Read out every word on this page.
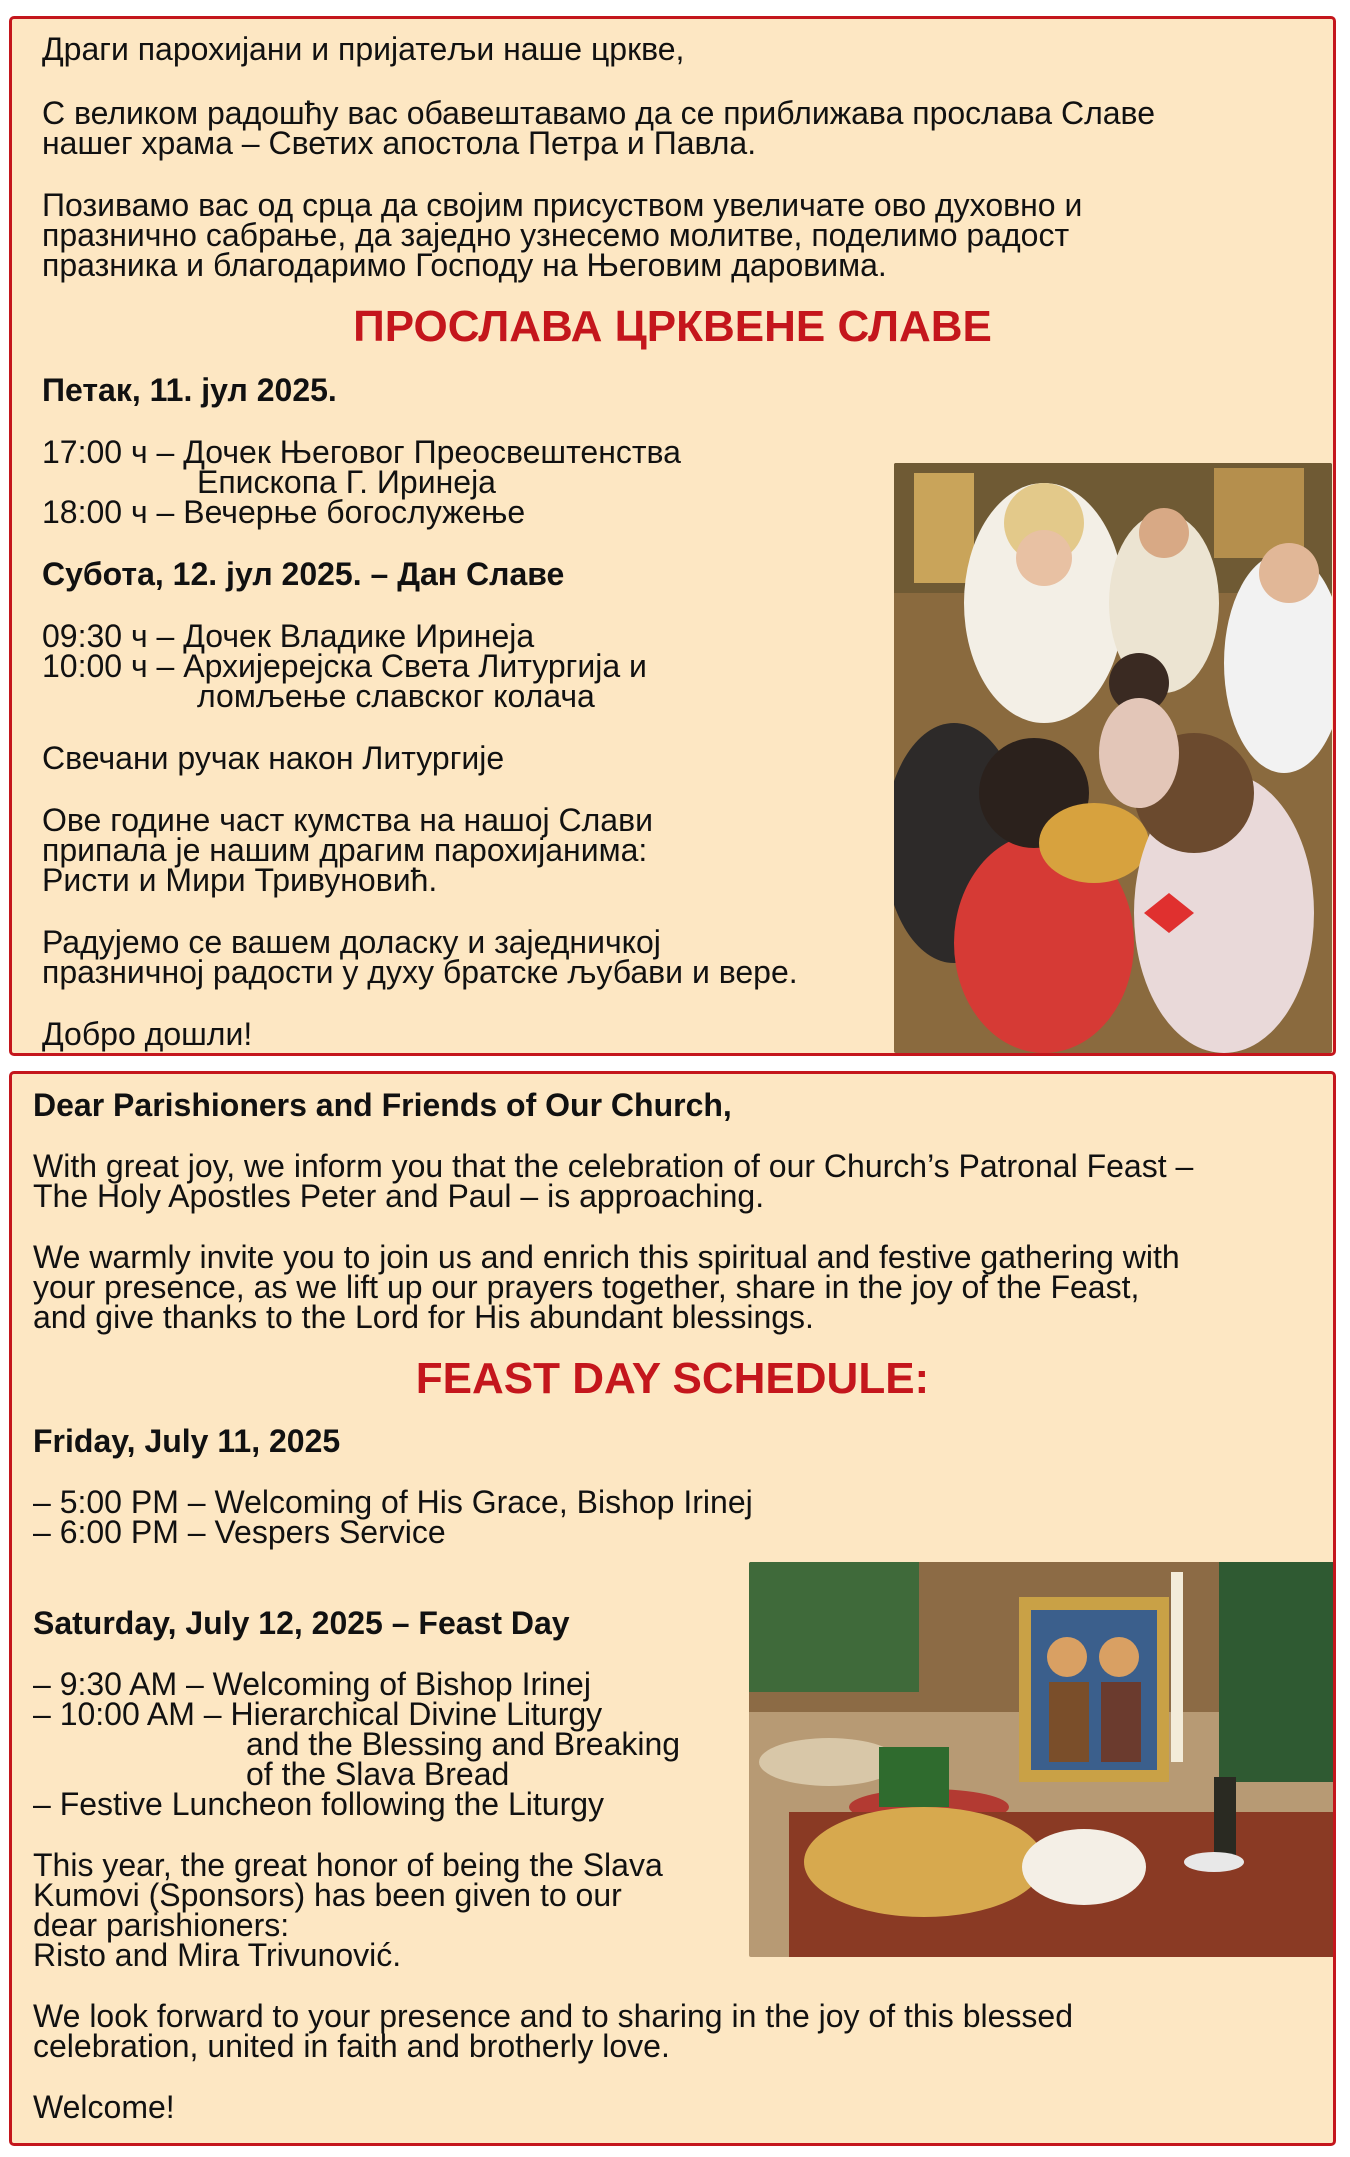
Драги парохијани и пријатељи наше цркве,

С великом радошћу вас обавештавамо да се приближава прослава Славе

нашег храма – Светих апостола Петра и Павла.

Позивамо вас од срца да својим присуством увеличате ово духовно и

празнично сабрање, да заједно узнесемо молитве, поделимо радост

празника и благодаримо Господу на Његовим даровима.

ПРОСЛАВА ЦРКВЕНЕ СЛАВЕ

Петак, 11. јул 2025.

17:00 ч – Дочек Његовог Преосвештенства

Епископа Г. Иринеја

18:00 ч – Вечерње богослужење

Субота, 12. јул 2025. – Дан Славе

09:30 ч – Дочек Владике Иринеја

10:00 ч – Архијерејска Света Литургија и

ломљење славског колача

Свечани ручак након Литургије

Ове године част кумства на нашој Слави

припала је нашим драгим парохијанима:

Ристи и Мири Тривуновић.

Радујемо се вашем доласку и заједничкој

празничној радости у духу братске љубави и вере.

Добро дошли!

Dear Parishioners and Friends of Our Church,

With great joy, we inform you that the celebration of our Church’s Patronal Feast –

The Holy Apostles Peter and Paul – is approaching.

We warmly invite you to join us and enrich this spiritual and festive gathering with

your presence, as we lift up our prayers together, share in the joy of the Feast,

and give thanks to the Lord for His abundant blessings.

FEAST DAY SCHEDULE:

Friday, July 11, 2025

– 5:00 PM – Welcoming of His Grace, Bishop Irinej

– 6:00 PM – Vespers Service

Saturday, July 12, 2025 – Feast Day

– 9:30 AM – Welcoming of Bishop Irinej

– 10:00 AM – Hierarchical Divine Liturgy

and the Blessing and Breaking

of the Slava Bread

– Festive Luncheon following the Liturgy

This year, the great honor of being the Slava

Kumovi (Sponsors) has been given to our

dear parishioners:

Risto and Mira Trivunović.

We look forward to your presence and to sharing in the joy of this blessed

celebration, united in faith and brotherly love.

Welcome!
